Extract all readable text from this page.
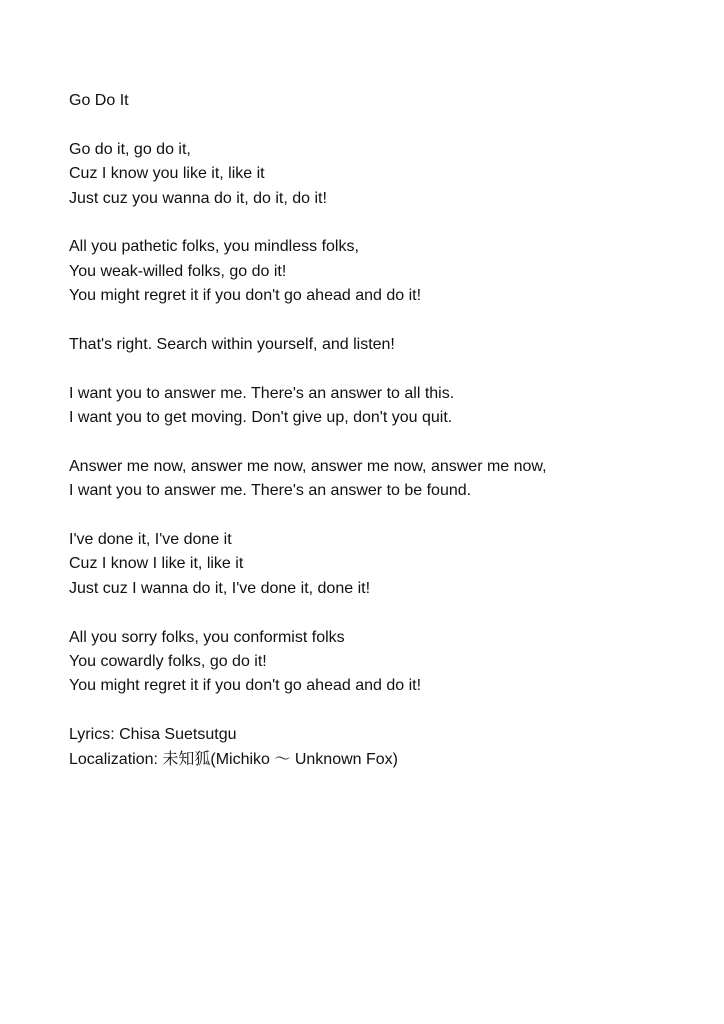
Go Do It
Go do it, go do it,
Cuz I know you like it, like it
Just cuz you wanna do it, do it, do it!
All you pathetic folks, you mindless folks,
You weak-willed folks, go do it!
You might regret it if you don't go ahead and do it!
That's right. Search within yourself, and listen!
I want you to answer me. There's an answer to all this.
I want you to get moving. Don't give up, don't you quit.
Answer me now, answer me now, answer me now, answer me now,
I want you to answer me. There's an answer to be found.
I've done it, I've done it
Cuz I know I like it, like it
Just cuz I wanna do it, I've done it, done it!
All you sorry folks, you conformist folks
You cowardly folks, go do it!
You might regret it if you don't go ahead and do it!
Lyrics: Chisa Suetsutgu
Localization: 未知狐(Michiko 〜 Unknown Fox)
